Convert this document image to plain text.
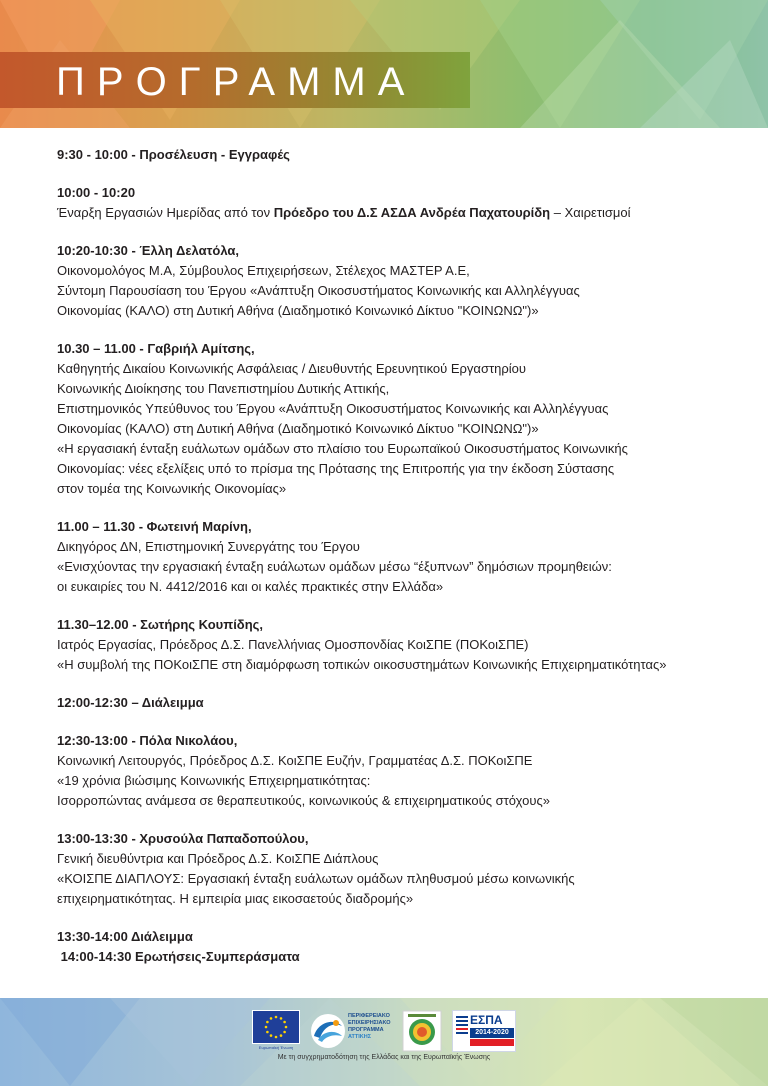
ΠΡΟΓΡΑΜΜΑ
9:30 - 10:00 - Προσέλευση - Εγγραφές
10:00 - 10:20
Έναρξη Εργασιών Ημερίδας από τον Πρόεδρο του Δ.Σ ΑΣΔΑ Ανδρέα Παχατουρίδη – Χαιρετισμοί
10:20-10:30 - Έλλη Δελατόλα,
Οικονομολόγος Μ.Α, Σύμβουλος Επιχειρήσεων, Στέλεχος ΜΑΣΤΕΡ Α.Ε,
Σύντομη Παρουσίαση του Έργου «Ανάπτυξη Οικοσυστήματος Κοινωνικής και Αλληλέγγυας
Οικονομίας (ΚΑΛΟ) στη Δυτική Αθήνα (Διαδημοτικό Κοινωνικό Δίκτυο "ΚΟΙΝΩΝΩ")»
10.30 – 11.00 - Γαβριήλ Αμίτσης,
Καθηγητής Δικαίου Κοινωνικής Ασφάλειας / Διευθυντής Ερευνητικού Εργαστηρίου
Κοινωνικής Διοίκησης του Πανεπιστημίου Δυτικής Αττικής,
Επιστημονικός Υπεύθυνος του Έργου «Ανάπτυξη Οικοσυστήματος Κοινωνικής και Αλληλέγγυας
Οικονομίας (ΚΑΛΟ) στη Δυτική Αθήνα (Διαδημοτικό Κοινωνικό Δίκτυο "ΚΟΙΝΩΝΩ")»
«Η εργασιακή ένταξη ευάλωτων ομάδων στο πλαίσιο του Ευρωπαϊκού Οικοσυστήματος Κοινωνικής
Οικονομίας: νέες εξελίξεις υπό το πρίσμα της Πρότασης της Επιτροπής για την έκδοση Σύστασης
στον τομέα της Κοινωνικής Οικονομίας»
11.00 – 11.30 - Φωτεινή Μαρίνη,
Δικηγόρος ΔΝ, Επιστημονική Συνεργάτης του Έργου
«Ενισχύοντας την εργασιακή ένταξη ευάλωτων ομάδων μέσω “έξυπνων” δημόσιων προμηθειών:
οι ευκαιρίες του Ν. 4412/2016 και οι καλές πρακτικές στην Ελλάδα»
11.30–12.00 - Σωτήρης Κουπίδης,
Ιατρός Εργασίας, Πρόεδρος Δ.Σ. Πανελλήνιας Ομοσπονδίας ΚοιΣΠΕ (ΠΟΚοιΣΠΕ)
«Η συμβολή της ΠΟΚοιΣΠΕ στη διαμόρφωση τοπικών οικοσυστημάτων Κοινωνικής Επιχειρηματικότητας»
12:00-12:30 – Διάλειμμα
12:30-13:00 - Πόλα Νικολάου,
Κοινωνική Λειτουργός, Πρόεδρος Δ.Σ. ΚοιΣΠΕ Ευζήν, Γραμματέας Δ.Σ. ΠΟΚοιΣΠΕ
«19 χρόνια βιώσιμης Κοινωνικής Επιχειρηματικότητας:
Ισορροπώντας ανάμεσα σε θεραπευτικούς, κοινωνικούς & επιχειρηματικούς στόχους»
13:00-13:30 - Χρυσούλα Παπαδοπούλου,
Γενική διευθύντρια και Πρόεδρος Δ.Σ. ΚοιΣΠΕ Διάπλους
«ΚΟΙΣΠΕ ΔΙΑΠΛΟΥΣ: Εργασιακή ένταξη ευάλωτων ομάδων πληθυσμού μέσω κοινωνικής
επιχειρηματικότητας. Η εμπειρία μιας εικοσαετούς διαδρομής»
13:30-14:00 Διάλειμμα
14:00-14:30 Ερωτήσεις-Συμπεράσματα
Ευρωπαϊκή Ένωση
ΠΕΡΙΦΕΡΕΙΑΚΟ
ΕΠΙΧΕΙΡΗΣΙΑΚΟ
ΠΡΟΓΡΑΜΜΑ
ΑΤΤΙΚΗΣ
ΕΣΠΑ
2014-2020
Με τη συγχρηματοδότηση της Ελλάδας και της Ευρωπαϊκής Ένωσης
